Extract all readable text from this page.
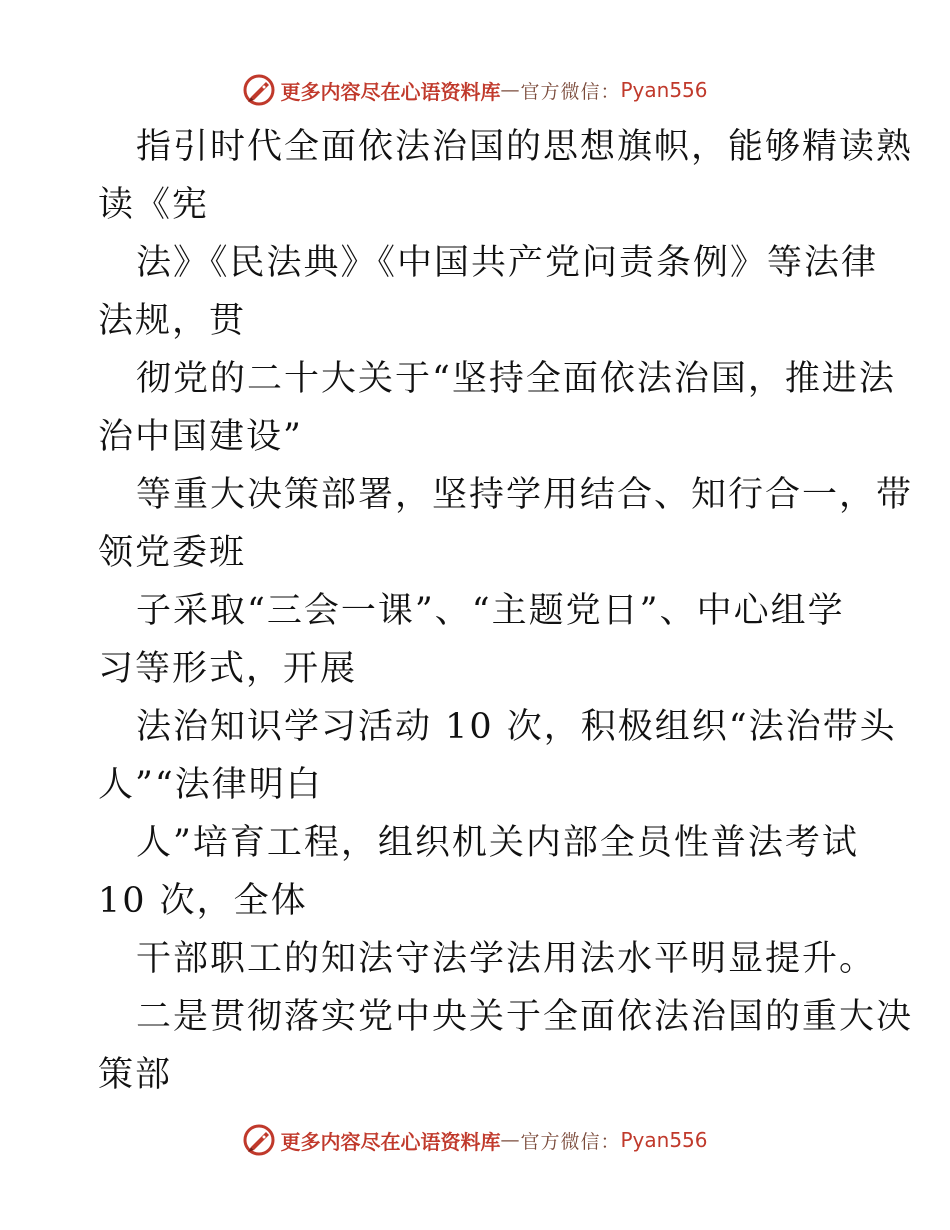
更多内容尽在心语资料库 — 官方微信： Pyan556
指引时代全面依法治国的思想旗帜，能够精读熟
读《宪
法》《民法典》《中国共产党问责条例》等法律
法规，贯
彻党的二十大关于“坚持全面依法治国，推进法
治中国建设”
等重大决策部署，坚持学用结合、知行合一，带
领党委班
子采取“三会一课”、“主题党日”、中心组学
习等形式，开展
法治知识学习活动 10 次，积极组织“法治带头
人”“法律明白
人”培育工程，组织机关内部全员性普法考试
10 次，全体
干部职工的知法守法学法用法水平明显提升。
二是贯彻落实党中央关于全面依法治国的重大决
策部
更多内容尽在心语资料库 — 官方微信： Pyan556
